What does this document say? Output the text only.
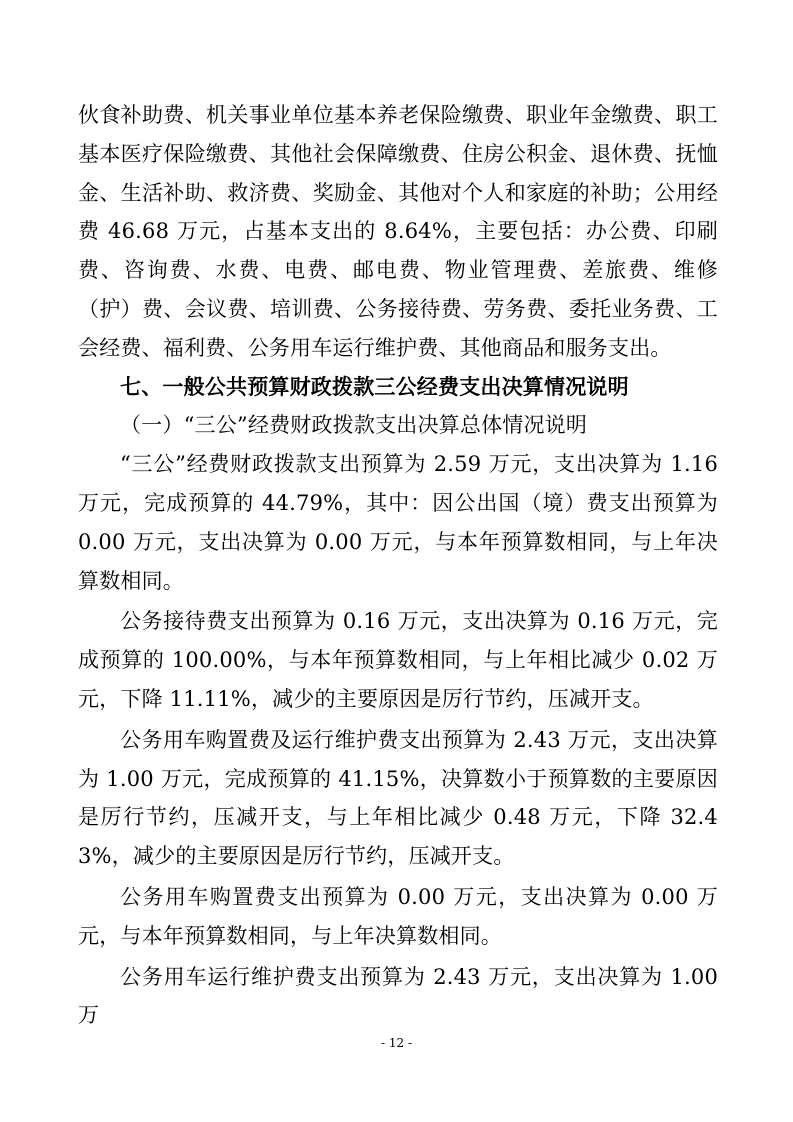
伙食补助费、机关事业单位基本养老保险缴费、职业年金缴费、职工基本医疗保险缴费、其他社会保障缴费、住房公积金、退休费、抚恤金、生活补助、救济费、奖励金、其他对个人和家庭的补助；公用经费 46.68 万元，占基本支出的 8.64%，主要包括：办公费、印刷费、咨询费、水费、电费、邮电费、物业管理费、差旅费、维修（护）费、会议费、培训费、公务接待费、劳务费、委托业务费、工会经费、福利费、公务用车运行维护费、其他商品和服务支出。

七、一般公共预算财政拨款三公经费支出决算情况说明

（一）“三公”经费财政拨款支出决算总体情况说明

“三公”经费财政拨款支出预算为 2.59 万元，支出决算为 1.16 万元，完成预算的 44.79%，其中：因公出国（境）费支出预算为 0.00 万元，支出决算为 0.00 万元，与本年预算数相同，与上年决算数相同。

公务接待费支出预算为 0.16 万元，支出决算为 0.16 万元，完成预算的 100.00%，与本年预算数相同，与上年相比减少 0.02 万元，下降 11.11%，减少的主要原因是厉行节约，压减开支。

公务用车购置费及运行维护费支出预算为 2.43 万元，支出决算为 1.00 万元，完成预算的 41.15%，决算数小于预算数的主要原因是厉行节约，压减开支，与上年相比减少 0.48 万元，下降 32.43%，减少的主要原因是厉行节约，压减开支。

公务用车购置费支出预算为 0.00 万元，支出决算为 0.00 万元，与本年预算数相同，与上年决算数相同。

公务用车运行维护费支出预算为 2.43 万元，支出决算为 1.00 万

- 12 -
